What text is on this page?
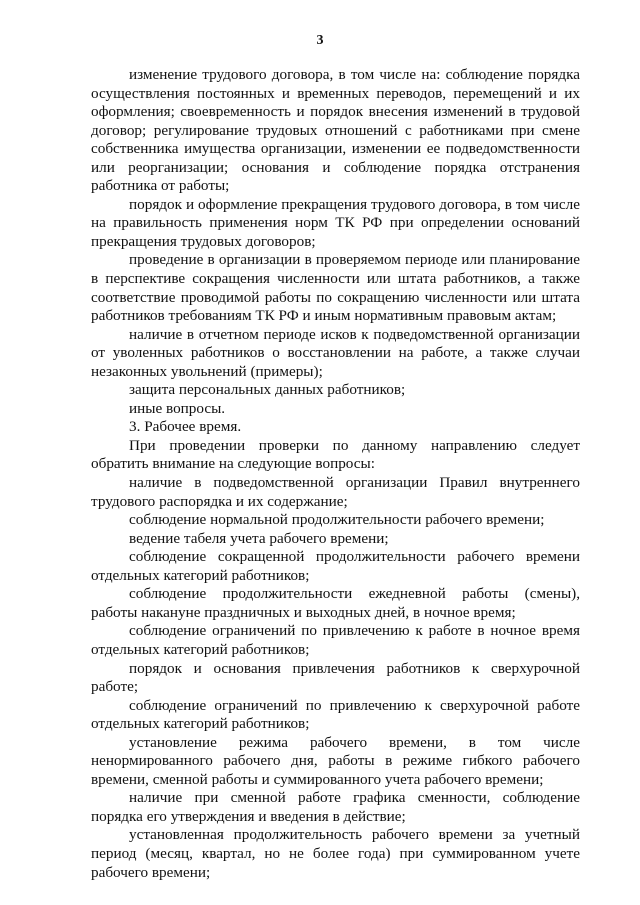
3

изменение трудового договора, в том числе на: соблюдение порядка осуществления постоянных и временных переводов, перемещений и их оформления; своевременность и порядок внесения изменений в трудовой договор; регулирование трудовых отношений с работниками при смене собственника имущества организации, изменении ее подведомственности или реорганизации; основания и соблюдение порядка отстранения работника от работы;

порядок и оформление прекращения трудового договора, в том числе на правильность применения норм ТК РФ при определении оснований прекращения трудовых договоров;

проведение в организации в проверяемом периоде или планирование в перспективе сокращения численности или штата работников, а также соответствие проводимой работы по сокращению численности или штата работников требованиям ТК РФ и иным нормативным правовым актам;

наличие в отчетном периоде исков к подведомственной организации от уволенных работников о восстановлении на работе, а также случаи незаконных увольнений (примеры);

защита персональных данных работников;

иные вопросы.

3. Рабочее время.

При проведении проверки по данному направлению следует обратить внимание на следующие вопросы:

наличие в подведомственной организации Правил внутреннего трудового распорядка и их содержание;

соблюдение нормальной продолжительности рабочего времени;

ведение табеля учета рабочего времени;

соблюдение сокращенной продолжительности рабочего времени отдельных категорий работников;

соблюдение продолжительности ежедневной работы (смены), работы накануне праздничных и выходных дней, в ночное время;

соблюдение ограничений по привлечению к работе в ночное время отдельных категорий работников;

порядок и основания привлечения работников к сверхурочной работе;

соблюдение ограничений по привлечению к сверхурочной работе отдельных категорий работников;

установление режима рабочего времени, в том числе ненормированного рабочего дня, работы в режиме гибкого рабочего времени, сменной работы и суммированного учета рабочего времени;

наличие при сменной работе графика сменности, соблюдение порядка его утверждения и введения в действие;

установленная продолжительность рабочего времени за учетный период (месяц, квартал, но не более года) при суммированном учете рабочего времени;
